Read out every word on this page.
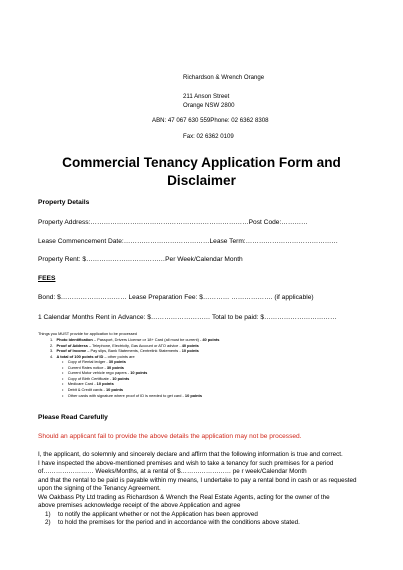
Richardson & Wrench Orange
211 Anson Street
Orange NSW 2800
ABN: 47 067 630 559Phone: 02 6362 8308
Fax: 02 6362 0109
Commercial Tenancy Application Form and
Disclaimer
Property Details
Property Address:………………………………………………………………Post Code:…………
Lease Commencement Date:…………………………………Lease Term:……………………………………
Property Rent: $………………………………Per Week/Calendar Month
FEES
Bond: $………………………… Lease Preparation Fee: $………… ………………. (if applicable)
1 Calendar Months Rent in Advance: $……………………… Total to be paid: $……………………………
Things you MUST provide for application to be processed
1. Photo identification – Passport, Drivers License or 18+ Card (all must be current) - 40 points
2. Proof of Address – Telephone, Electricity, Gas Account or ATO advice - 40 points
3. Proof of Income – Pay slips, Bank Statements, Centrelink Statements - 10 points
4. A total of 100 points of ID – other points are
•    Copy of Rental ledger - 30 points
•    Current Rates notice - 30 points
•    Current Motor vehicle rego papers - 10 points
•    Copy of Birth Certificate - 10 points
•    Medicare Card - 10 points
•    Debit & Credit cards - 10 points
•    Other cards with signature where proof of ID is needed to get card - 10 points
Please Read Carefully
Should an applicant fail to provide the above details the application may not be processed.
I, the applicant, do solemnly and sincerely declare and affirm that the following information is true and correct.
I have inspected the above-mentioned premises and wish to take a tenancy for such premises for a period
of…………………… Weeks/Months, at a rental of $…………………… pe r week/Calendar Month
and that the rental to be paid is payable within my means, I undertake to pay a rental bond in cash or as requested
upon the signing of the Tenancy Agreement.
We Oakbass Pty Ltd trading as Richardson & Wrench the Real Estate Agents, acting for the owner of the
above premises acknowledge receipt of the above Application and agree
1) to notify the applicant whether or not the Application has been approved
2) to hold the premises for the period and in accordance with the conditions above stated.
